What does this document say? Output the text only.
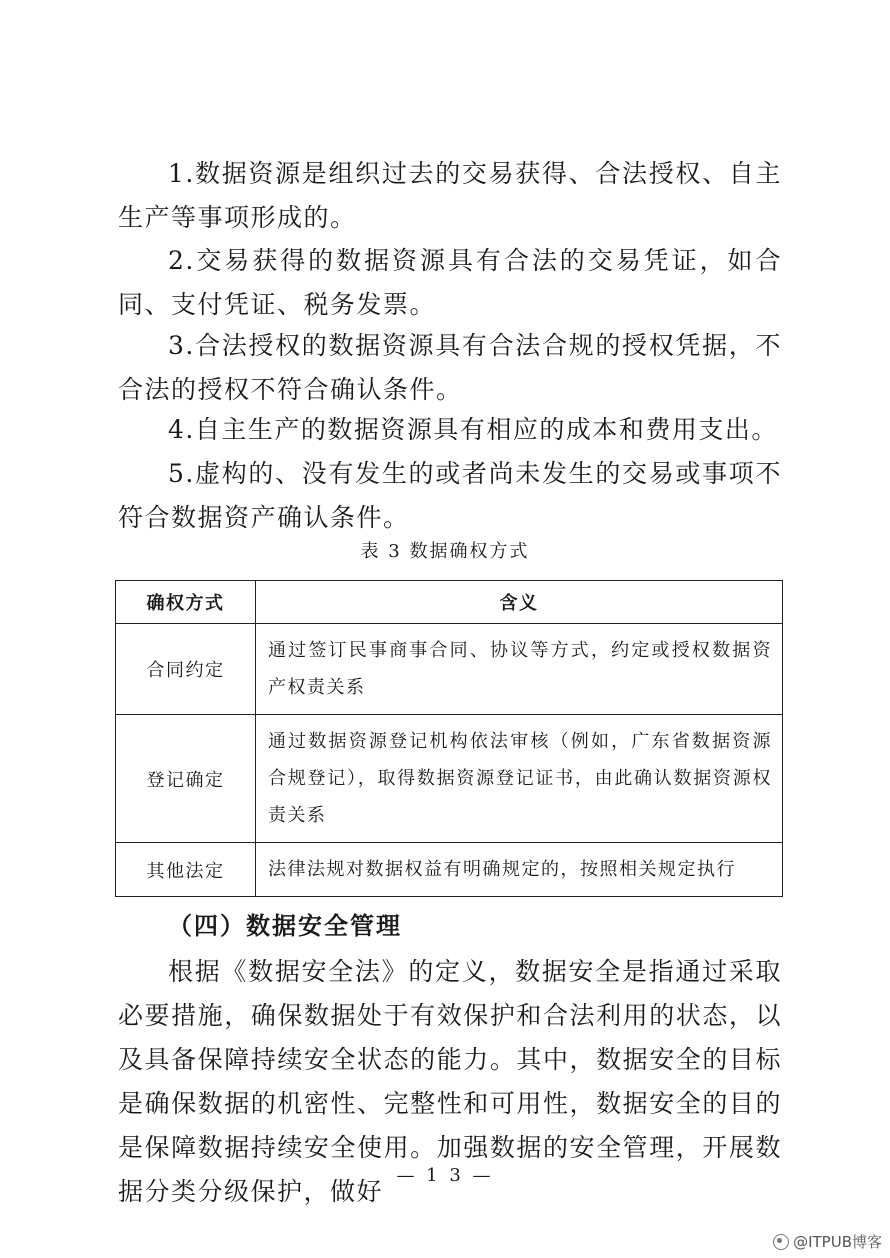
1.数据资源是组织过去的交易获得、合法授权、自主生产等事项形成的。

2.交易获得的数据资源具有合法的交易凭证，如合同、支付凭证、税务发票。

3.合法授权的数据资源具有合法合规的授权凭据，不合法的授权不符合确认条件。

4.自主生产的数据资源具有相应的成本和费用支出。

5.虚构的、没有发生的或者尚未发生的交易或事项不符合数据资产确认条件。

表 3 数据确权方式
确权方式	含义
合同约定	通过签订民事商事合同、协议等方式，约定或授权数据资产权责关系
登记确定	通过数据资源登记机构依法审核（例如，广东省数据资源合规登记），取得数据资源登记证书，由此确认数据资源权责关系
其他法定	法律法规对数据权益有明确规定的，按照相关规定执行
（四）数据安全管理

根据《数据安全法》的定义，数据安全是指通过采取必要措施，确保数据处于有效保护和合法利用的状态，以及具备保障持续安全状态的能力。其中，数据安全的目标是确保数据的机密性、完整性和可用性，数据安全的目的是保障数据持续安全使用。加强数据的安全管理，开展数据分类分级保护，做好

— 1 3 —
@ITPUB博客
